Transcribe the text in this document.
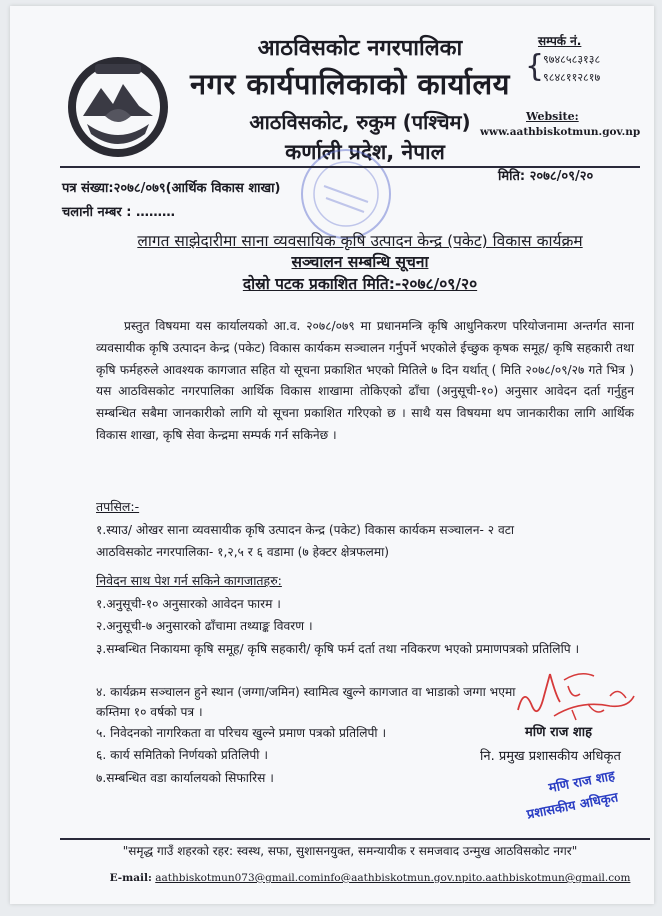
आठविसकोट नगरपालिका
नगर कार्यपालिकाको कार्यालय
आठविसकोट, रुकुम (पश्चिम)
कर्णाली प्रदेश, नेपाल
सम्पर्क नं.
{
९७४८५८३१३८
९८४८११२८१७
Website:
www.aathbiskotmun.gov.np
पत्र संख्या:२०७८/०७९(आर्थिक विकास शाखा)
चलानी नम्बर : ………
मिति: २०७८/०९/२०
लागत साझेदारीमा साना व्यवसायिक कृषि उत्पादन केन्द्र (पकेट) विकास कार्यक्रम
सञ्चालन सम्बन्धि सूचना
दोस्रो पटक प्रकाशित मिति:-२०७८/०९/२०
प्रस्तुत विषयमा यस कार्यालयको आ.व. २०७८/०७९ मा प्रधानमन्त्रि कृषि आधुनिकरण परियोजनामा अन्तर्गत साना व्यवसायीक कृषि उत्पादन केन्द्र (पकेट) विकास कार्यकम सञ्चालन गर्नुपर्ने भएकोले ईच्छुक कृषक समूह/ कृषि सहकारी तथा कृषि फर्महरुले आवश्यक कागजात सहित यो सूचना प्रकाशित भएको मितिले ७ दिन यर्थात् ( मिति २०७८/०९/२७ गते भित्र ) यस आठविसकोट नगरपालिका आर्थिक विकास शाखामा तोकिएको ढाँचा (अनुसूची-१०) अनुसार आवेदन दर्ता गर्नुहुन सम्बन्धित सबैमा जानकारीको लागि यो सूचना प्रकाशित गरिएको छ । साथै यस विषयमा थप जानकारीका लागि आर्थिक विकास शाखा, कृषि सेवा केन्द्रमा सम्पर्क गर्न सकिनेछ ।
तपसिल:-
१.स्याउ/ ओखर साना व्यवसायीक कृषि उत्पादन केन्द्र (पकेट) विकास कार्यकम सञ्चालन- २ वटा
आठविसकोट नगरपालिका- १,२,५ र ६ वडामा (७ हेक्टर क्षेत्रफलमा)
निवेदन साथ पेश गर्न सकिने कागजातहरु:
१.अनुसूची-१० अनुसारको आवेदन फारम ।
२.अनुसूची-७ अनुसारको ढाँचामा तथ्याङ्क विवरण ।
३.सम्बन्धित निकायमा कृषि समूह/ कृषि सहकारी/ कृषि फर्म दर्ता तथा नविकरण भएको प्रमाणपत्रको प्रतिलिपि ।
४. कार्यक्रम सञ्चालन हुने स्थान (जग्गा/जमिन) स्वामित्व खुल्ने कागजात वा भाडाको जग्गा भएमा कम्तिमा १० वर्षको पत्र ।
५. निवेदनको नागरिकता वा परिचय खुल्ने प्रमाण पत्रको प्रतिलिपी ।
६. कार्य समितिको निर्णयको प्रतिलिपी ।
७.सम्बन्धित वडा कार्यालयको सिफारिस ।
मणि राज शाह
नि. प्रमुख प्रशासकीय अधिकृत
मणि राज शाह
प्रशासकीय अधिकृत
"समृद्ध गाउँ शहरको रहर: स्वस्थ, सफा, सुशासनयुक्त, समन्यायीक र समजवाद उन्मुख आठविसकोट नगर"
E-mail: aathbiskotmun073@gmail.cominfo@aathbiskotmun.gov.npito.aathbiskotmun@gmail.com
